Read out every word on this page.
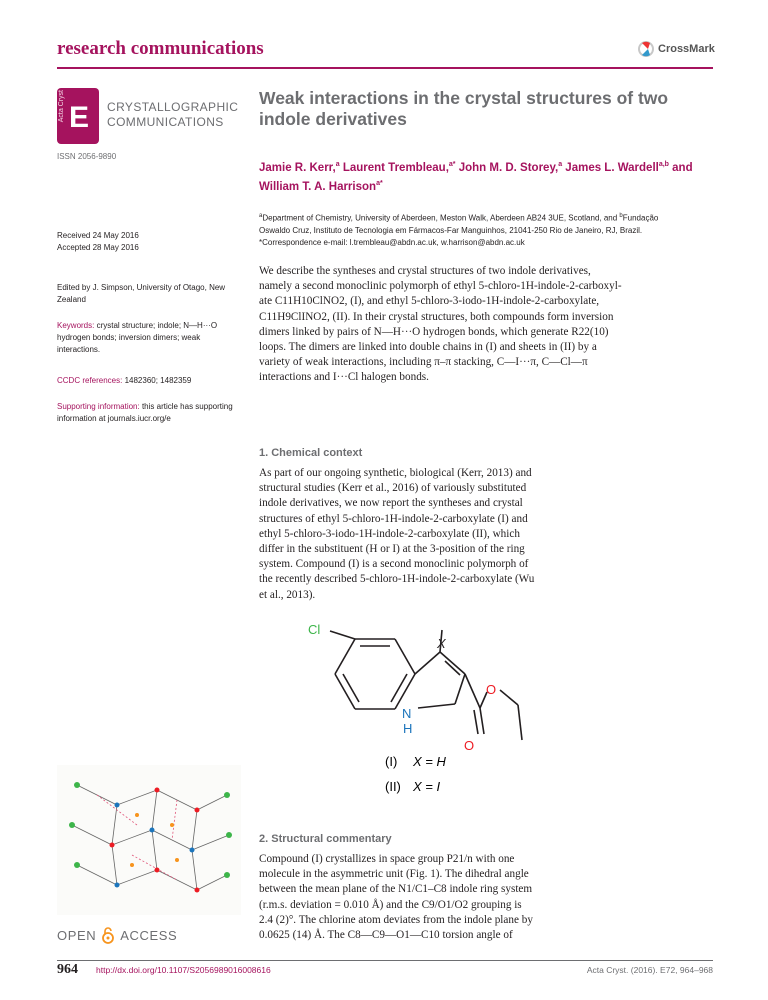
research communications	CrossMark
Acta Cryst E CRYSTALLOGRAPHIC
COMMUNICATIONS
ISSN 2056-9890
Weak interactions in the crystal structures of two
indole derivatives
Jamie R. Kerr,$^a$ Laurent Trembleau,$^{a*}$ John M. D. Storey,$^a$ James L. Wardell$^{a,b}$ and
William T. A. Harrison$^{a*}$
$^a$Department of Chemistry, University of Aberdeen, Meston Walk, Aberdeen AB24 3UE, Scotland, and $^b$Fundação
Oswaldo Cruz, Instituto de Tecnologia em Fármacos-Far Manguinhos, 21041-250 Rio de Janeiro, RJ, Brazil.
*Correspondence e-mail: l.trembleau@abdn.ac.uk, w.harrison@abdn.ac.uk
Received 24 May 2016
Accepted 28 May 2016
Edited by J. Simpson, University of Otago, New Zealand
Keywords: crystal structure; indole; N—H···O hydrogen bonds; inversion dimers; weak interactions.
CCDC references: 1482360; 1482359
Supporting information: this article has supporting information at journals.iucr.org/e
We describe the syntheses and crystal structures of two indole derivatives,
namely a second monoclinic polymorph of ethyl 5-chloro-1H-indole-2-carboxyl-
ate C11H10ClNO2, (I), and ethyl 5-chloro-3-iodo-1H-indole-2-carboxylate,
C11H9ClINO2, (II). In their crystal structures, both compounds form inversion
dimers linked by pairs of N—H···O hydrogen bonds, which generate R22(10)
loops. The dimers are linked into double chains in (I) and sheets in (II) by a
variety of weak interactions, including π–π stacking, C—I···π, C—Cl—π
interactions and I···Cl halogen bonds.
1. Chemical context
As part of our ongoing synthetic, biological (Kerr, 2013) and
structural studies (Kerr et al., 2016) of variously substituted
indole derivatives, we now report the syntheses and crystal
structures of ethyl 5-chloro-1H-indole-2-carboxylate (I) and
ethyl 5-chloro-3-iodo-1H-indole-2-carboxylate (II), which
differ in the substituent (H or I) at the 3-position of the ring
system. Compound (I) is a second monoclinic polymorph of
the recently described 5-chloro-1H-indole-2-carboxylate (Wu
et al., 2013).
Cl
X
O
O
N
H
(I) X = H
(II) X = I
OPEN ACCESS
2. Structural commentary
Compound (I) crystallizes in space group P21/n with one
molecule in the asymmetric unit (Fig. 1). The dihedral angle
between the mean plane of the N1/C1–C8 indole ring system
(r.m.s. deviation = 0.010 Å) and the C9/O1/O2 grouping is
2.4 (2)°. The chlorine atom deviates from the indole plane by
0.0625 (14) Å. The C8—C9—O1—C10 torsion angle of
964 http://dx.doi.org/10.1107/S2056989016008616	Acta Cryst. (2016). E72, 964–968
